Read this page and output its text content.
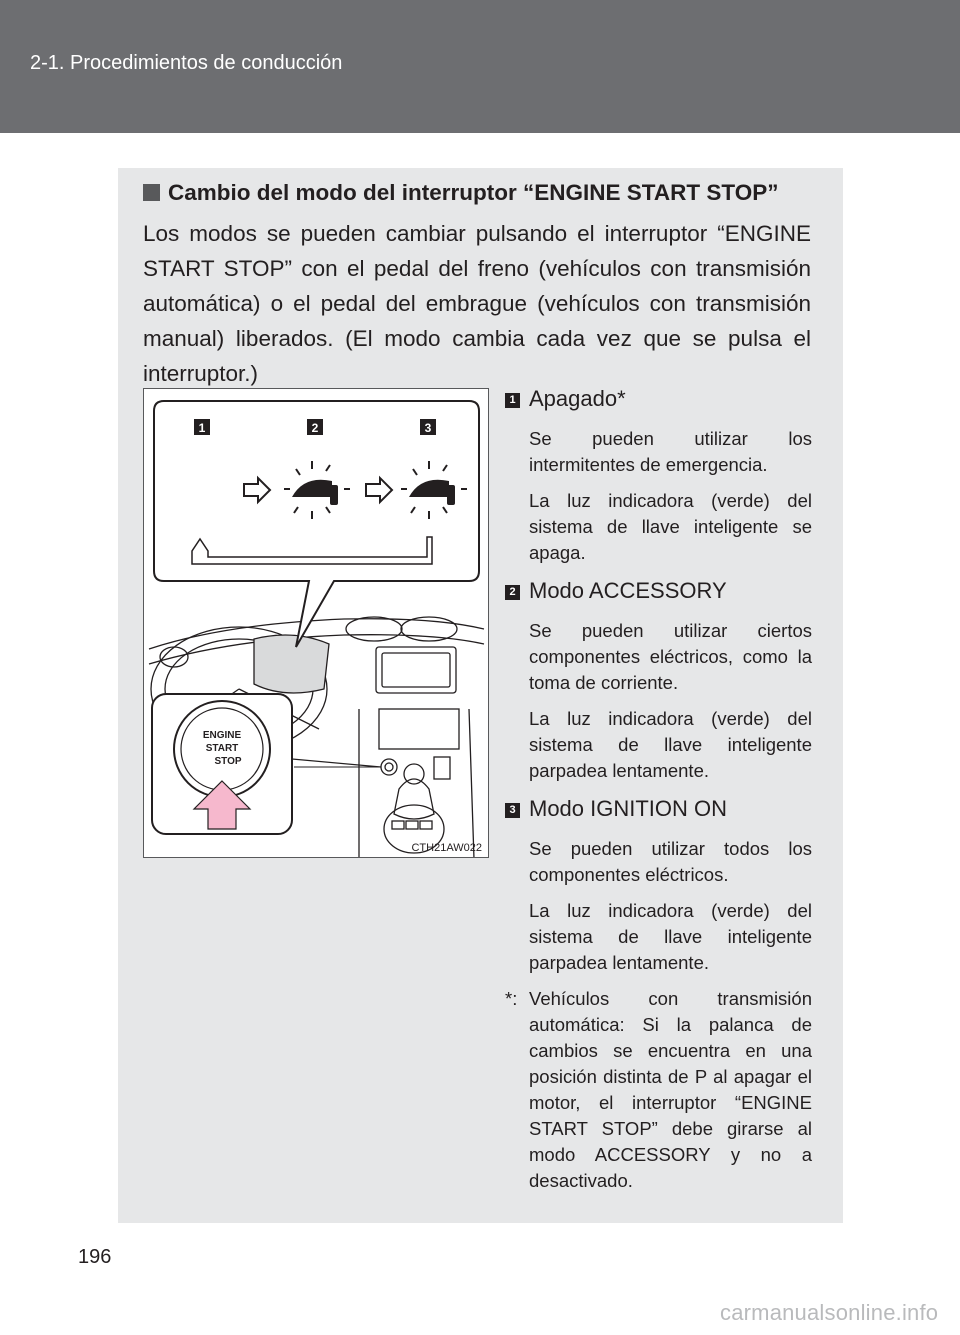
2-1. Procedimientos de conducción
Cambio del modo del interruptor “ENGINE START STOP”
Los modos se pueden cambiar pulsando el interruptor “ENGINE START STOP” con el pedal del freno (vehículos con transmisión automática) o el pedal del embrague (vehículos con transmisión manual) liberados. (El modo cambia cada vez que se pulsa el interruptor.)
1	2	3
ENGINE
START
STOP
CTH21AW022
1 Apagado*

Se pueden utilizar los intermitentes de emergencia.

La luz indicadora (verde) del sistema de llave inteligente se apaga.

2 Modo ACCESSORY

Se pueden utilizar ciertos componentes eléctricos, como la toma de corriente.

La luz indicadora (verde) del sistema de llave inteligente parpadea lentamente.

3 Modo IGNITION ON

Se pueden utilizar todos los componentes eléctricos.

La luz indicadora (verde) del sistema de llave inteligente parpadea lentamente.

*: Vehículos con transmisión automática: Si la palanca de cambios se encuentra en una posición distinta de P al apagar el motor, el interruptor “ENGINE START STOP” debe girarse al modo ACCESSORY y no a desactivado.
196
carmanualsonline.info
